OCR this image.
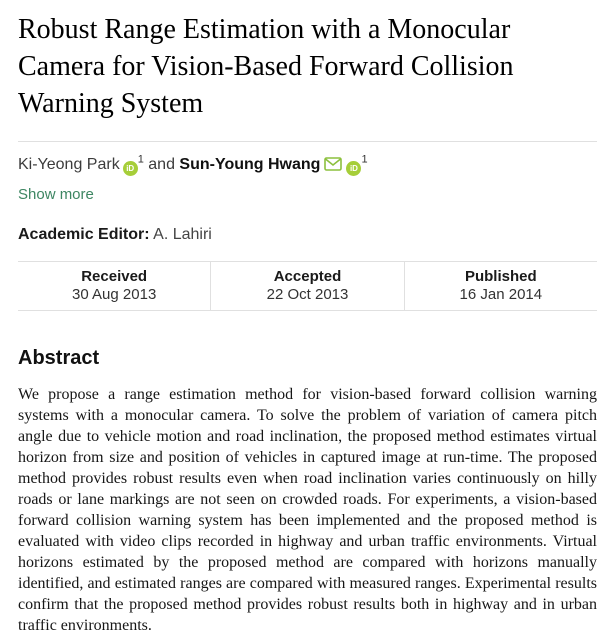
Robust Range Estimation with a Monocular Camera for Vision-Based Forward Collision Warning System
Ki-Yeong Park iD$^1$ and Sun-Young Hwang	iD$^1$
Show more
Academic Editor: A. Lahiri
Received
30 Aug 2013
Accepted
22 Oct 2013
Published
16 Jan 2014
Abstract

We propose a range estimation method for vision-based forward collision warning systems with a monocular camera. To solve the problem of variation of camera pitch angle due to vehicle motion and road inclination, the proposed method estimates virtual horizon from size and position of vehicles in captured image at run-time. The proposed method provides robust results even when road inclination varies continuously on hilly roads or lane markings are not seen on crowded roads. For experiments, a vision-based forward collision warning system has been implemented and the proposed method is evaluated with video clips recorded in highway and urban traffic environments. Virtual horizons estimated by the proposed method are compared with horizons manually identified, and estimated ranges are compared with measured ranges. Experimental results confirm that the proposed method provides robust results both in highway and in urban traffic environments.
